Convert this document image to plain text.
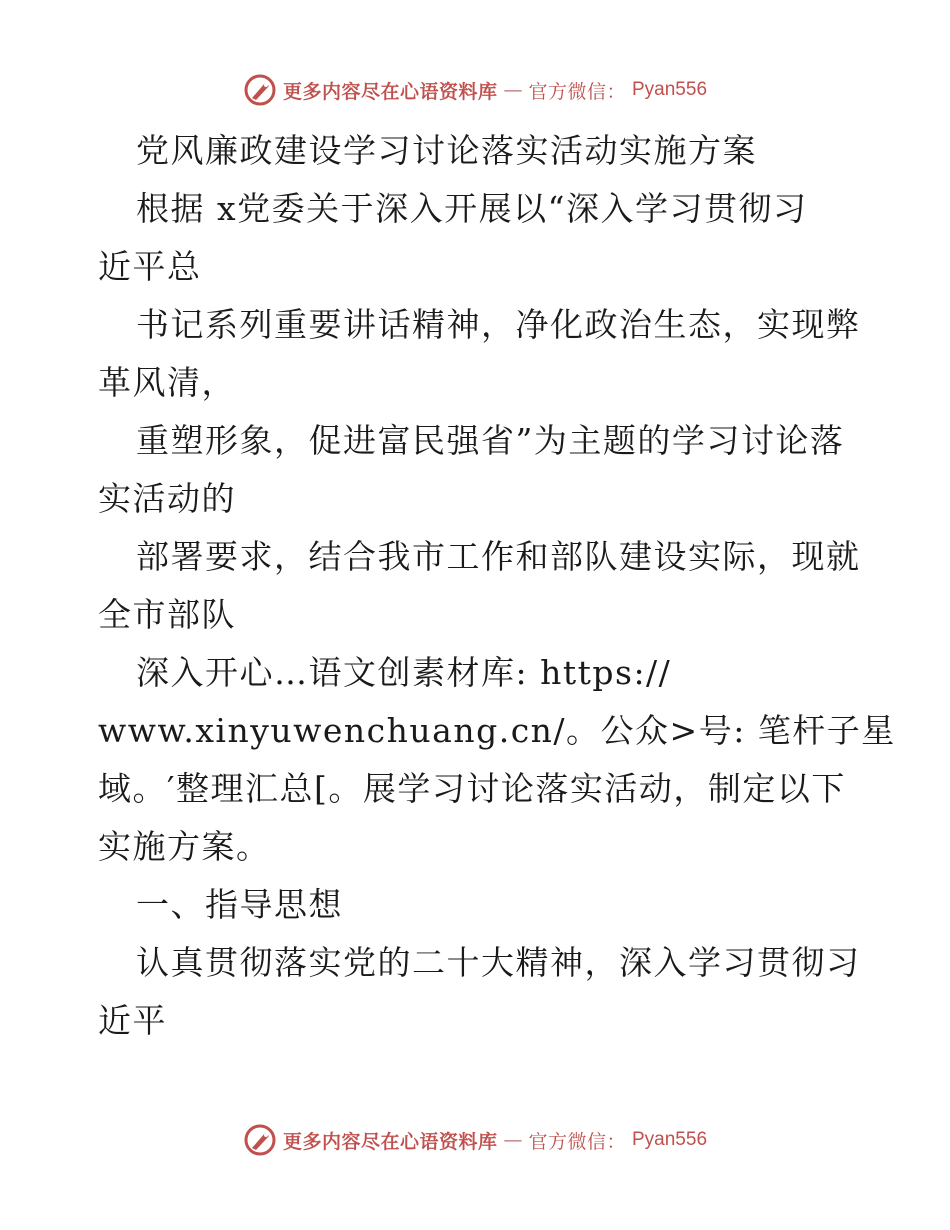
更多内容尽在心语资料库 — 官方微信： Pyan556
党风廉政建设学习讨论落实活动实施方案
根据 x党委关于深入开展以“深入学习贯彻习
近平总
书记系列重要讲话精神，净化政治生态，实现弊
革风清，
重塑形象，促进富民强省”为主题的学习讨论落
实活动的
部署要求，结合我市工作和部队建设实际，现就
全市部队
深入开心…语文创素材库: https://
www.xinyuwenchuang.cn/。公众>号: 笔杆子星
域。′整理汇总[。展学习讨论落实活动，制定以下
实施方案。
一、指导思想
认真贯彻落实党的二十大精神，深入学习贯彻习
近平
更多内容尽在心语资料库 — 官方微信： Pyan556
